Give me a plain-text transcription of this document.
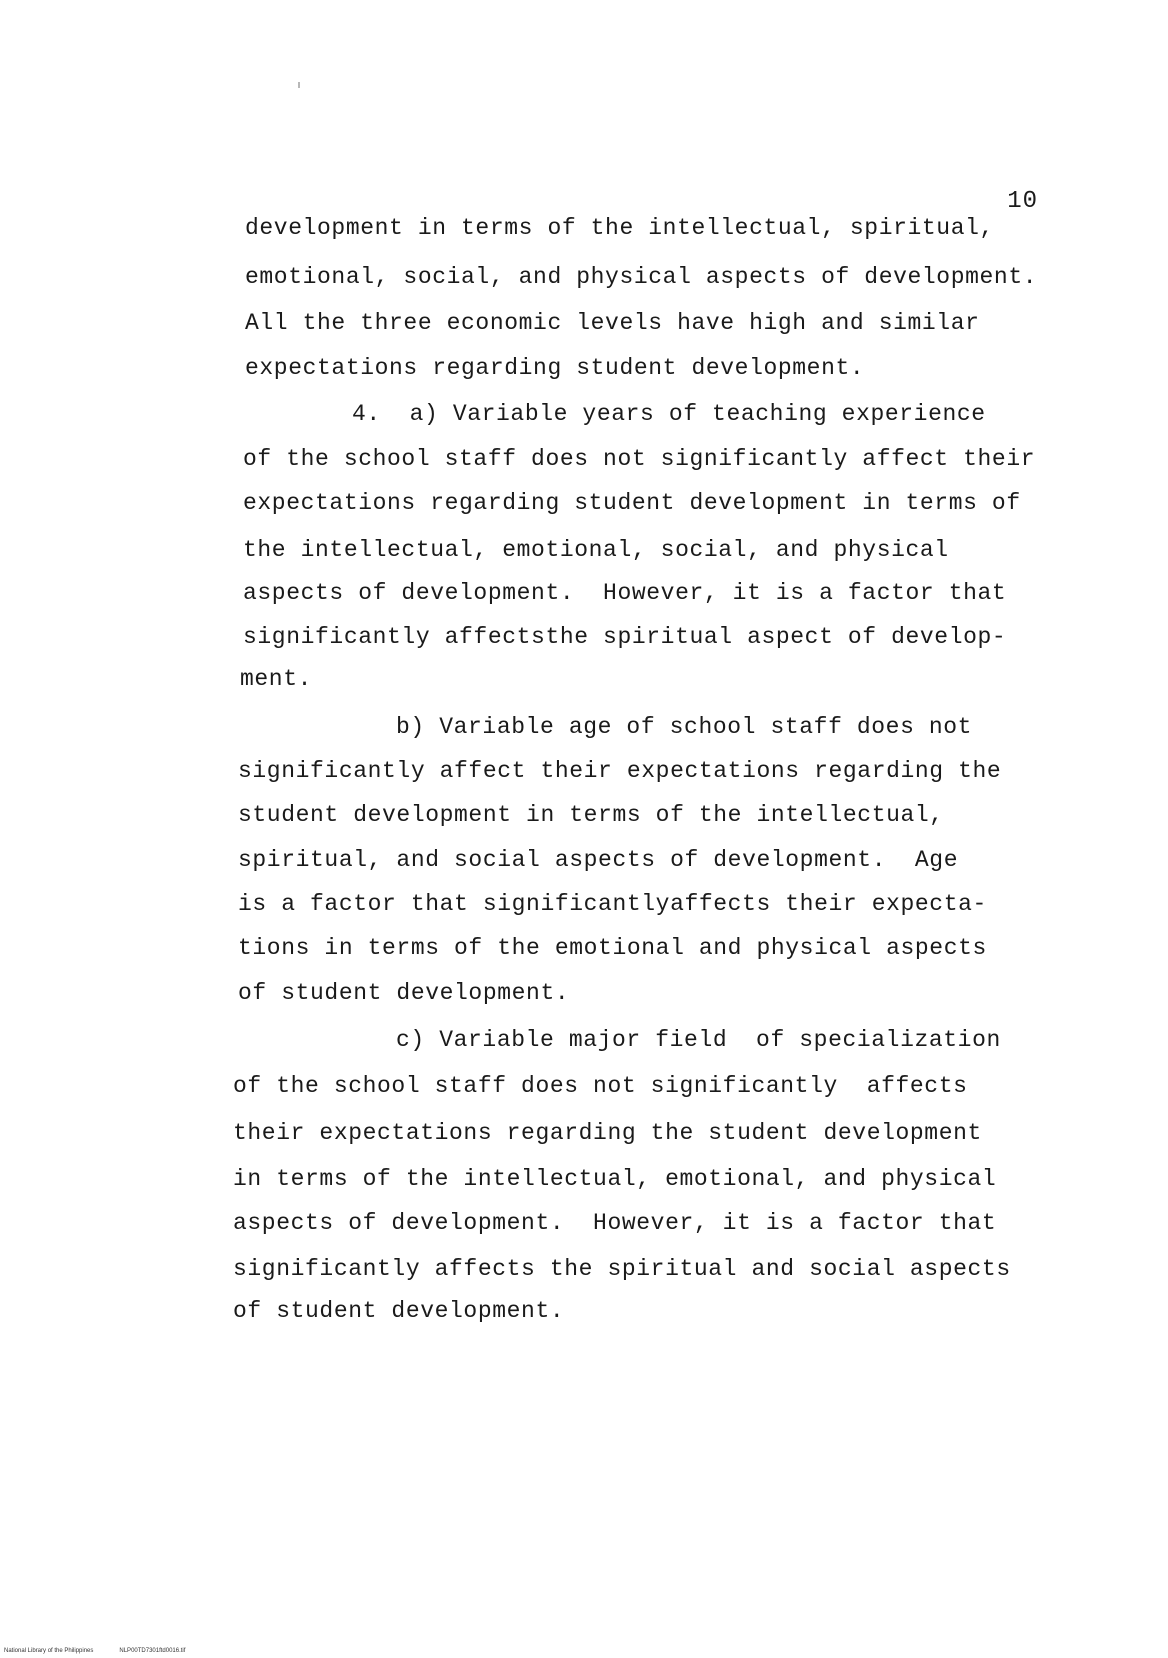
10
development in terms of the intellectual, spiritual,
emotional, social, and physical aspects of development.
All the three economic levels have high and similar
expectations regarding student development.
4.  a) Variable years of teaching experience
of the school staff does not significantly affect their
expectations regarding student development in terms of
the intellectual, emotional, social, and physical
aspects of development.  However, it is a factor that
significantly affectsthe spiritual aspect of develop-
ment.
b) Variable age of school staff does not
significantly affect their expectations regarding the
student development in terms of the intellectual,
spiritual, and social aspects of development.  Age
is a factor that significantlyaffects their expecta-
tions in terms of the emotional and physical aspects
of student development.
c) Variable major field  of specialization
of the school staff does not significantly  affects
their expectations regarding the student development
in terms of the intellectual, emotional, and physical
aspects of development.  However, it is a factor that
significantly affects the spiritual and social aspects
of student development.
National Library of the Philippines	NLP00TD7301ftd0016.tif
